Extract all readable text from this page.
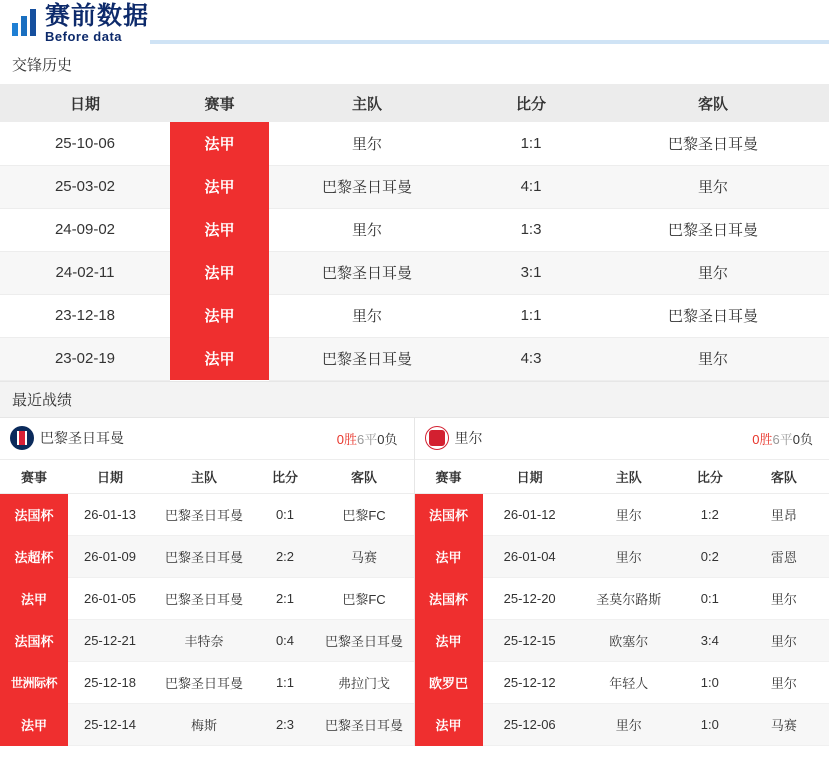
赛前数据
Before data
交锋历史
日期	赛事	主队	比分	客队
25-10-06	法甲	里尔	1:1	巴黎圣日耳曼
25-03-02	法甲	巴黎圣日耳曼	4:1	里尔
24-09-02	法甲	里尔	1:3	巴黎圣日耳曼
24-02-11	法甲	巴黎圣日耳曼	3:1	里尔
23-12-18	法甲	里尔	1:1	巴黎圣日耳曼
23-02-19	法甲	巴黎圣日耳曼	4:3	里尔
最近战绩
巴黎圣日耳曼	0胜6平0负
赛事	日期	主队	比分	客队
法国杯	26-01-13	巴黎圣日耳曼	0:1	巴黎FC
法超杯	26-01-09	巴黎圣日耳曼	2:2	马赛
法甲	26-01-05	巴黎圣日耳曼	2:1	巴黎FC
法国杯	25-12-21	丰特奈	0:4	巴黎圣日耳曼
世洲际杯	25-12-18	巴黎圣日耳曼	1:1	弗拉门戈
法甲	25-12-14	梅斯	2:3	巴黎圣日耳曼
里尔	0胜6平0负
赛事	日期	主队	比分	客队
法国杯	26-01-12	里尔	1:2	里昂
法甲	26-01-04	里尔	0:2	雷恩
法国杯	25-12-20	圣莫尔路斯	0:1	里尔
法甲	25-12-15	欧塞尔	3:4	里尔
欧罗巴	25-12-12	年轻人	1:0	里尔
法甲	25-12-06	里尔	1:0	马赛
